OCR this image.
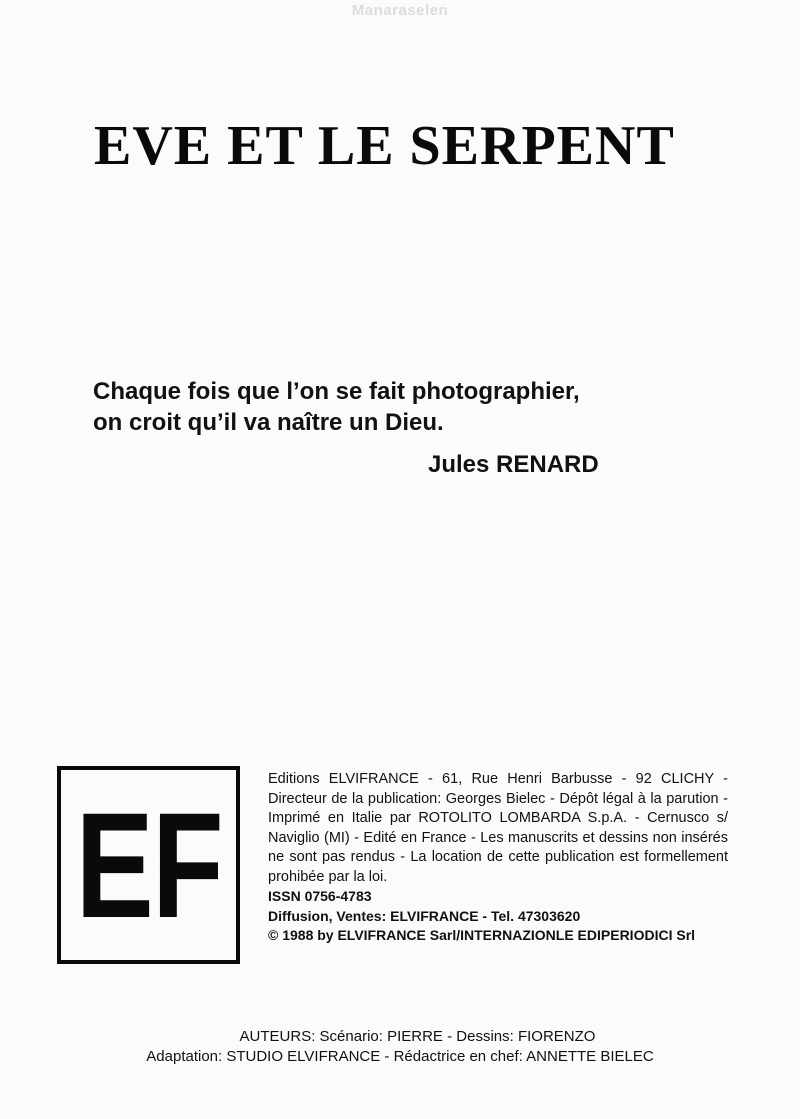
Manaraselen
EVE ET LE SERPENT
Chaque fois que l’on se fait photographier,
on croit qu’il va naître un Dieu.
Jules RENARD
EF

Editions ELVIFRANCE - 61, Rue Henri Barbusse - 92 CLICHY - Directeur de la publication: Georges Bielec - Dépôt légal à la parution - Imprimé en Italie par ROTOLITO LOMBARDA S.p.A. - Cernusco s/ Naviglio (MI) - Edité en France - Les manuscrits et dessins non insérés ne sont pas rendus - La location de cette publication est formellement prohibée par la loi.

ISSN 0756-4783

Diffusion, Ventes: ELVIFRANCE - Tel. 47303620

© 1988 by ELVIFRANCE Sarl/INTERNAZIONLE EDIPERIODICI Srl

AUTEURS: Scénario: PIERRE - Dessins: FIORENZO
Adaptation: STUDIO ELVIFRANCE - Rédactrice en chef: ANNETTE BIELEC
